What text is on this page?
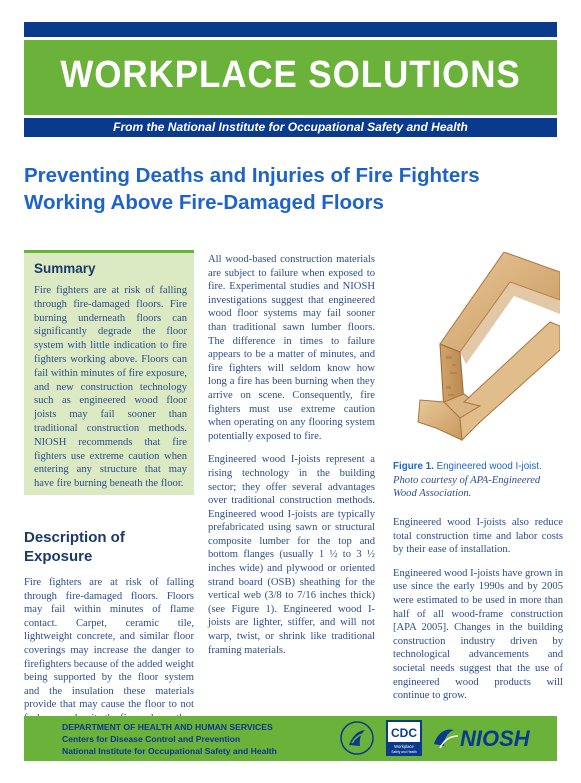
WORKPLACE SOLUTIONS
From the National Institute for Occupational Safety and Health
Preventing Deaths and Injuries of Fire Fighters
Working Above Fire-Damaged Floors
Summary
Fire fighters are at risk of falling through fire-damaged floors. Fire burning underneath floors can significantly degrade the floor system with little indication to fire fighters working above. Floors can fail within minutes of fire exposure, and new construction technology such as engineered wood floor joists may fail sooner than traditional construction methods. NIOSH recommends that fire fighters use extreme caution when entering any structure that may have fire burning beneath the floor.
Description of Exposure
Fire fighters are at risk of falling through fire-damaged floors. Floors may fail within minutes of flame contact. Carpet, ceramic tile, lightweight concrete, and similar floor coverings may increase the danger to firefighters because of the added weight being supported by the floor system and the insulation these materials provide that may cause the floor to not

All wood-based construction materials are subject to failure when exposed to fire. Experimental studies and NIOSH investigations suggest that engineered wood floor systems may fail sooner than traditional sawn lumber floors. The difference in times to failure appears to be a matter of minutes, and fire fighters will seldom know how long a fire has been burning when they arrive on scene. Consequently, fire fighters must use extreme caution when operating on any flooring system potentially exposed to fire.

Engineered wood I-joists represent a rising technology in the building sector; they offer several advantages over traditional construction methods. Engineered wood I-joists are typically prefabricated using sawn or structural composite lumber for the top and bottom flanges (usually 1 ½ to 3 ½ inches wide) and plywood or oriented strand board (OSB) sheathing for the vertical web (3/8 to 7/16 inches thick) (see Figure 1). Engineered wood I-joists are lighter, stiffer, and will not warp, twist, or shrink like traditional framing materials.

Figure 1. Engineered wood I-joist.
Photo courtesy of APA-Engineered Wood Association.

Engineered wood I-joists also reduce total construction time and labor costs by their ease of installation.

Engineered wood I-joists have grown in use since the early 1990s and by 2005 were estimated to be used in more than half of all wood-frame construction [APA 2005]. Changes in the building construction industry driven by technological advancements and societal needs suggest that the use of engineered wood products will continue to grow.

DEPARTMENT OF HEALTH AND HUMAN SERVICES
Centers for Disease Control and Prevention
National Institute for Occupational Safety and Health
CDC
Workplace
Safety and Health
NIOSH
